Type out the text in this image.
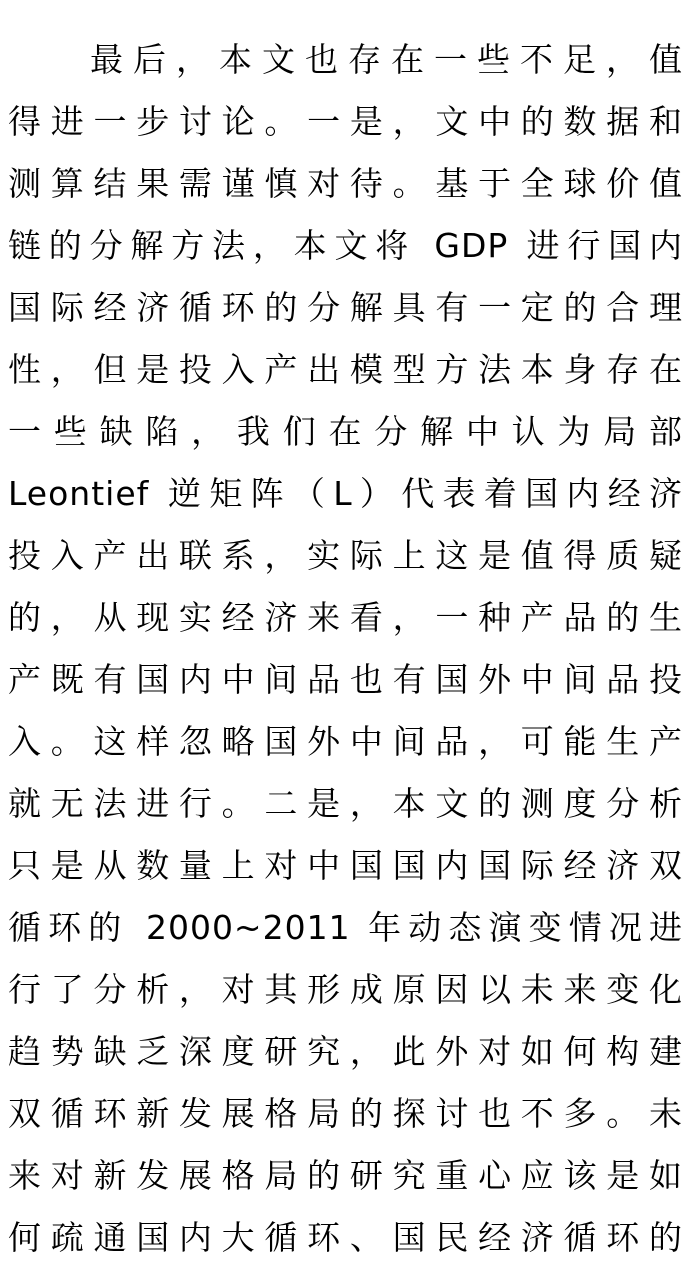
最后，本文也存在一些不足，值
得进一步讨论。一是，文中的数据和
测算结果需谨慎对待。基于全球价值
链的分解方法，本文将 GDP 进行国内
国际经济循环的分解具有一定的合理
性，但是投入产出模型方法本身存在
一些缺陷，我们在分解中认为局部
Leontief 逆矩阵（L）代表着国内经济
投入产出联系，实际上这是值得质疑
的，从现实经济来看，一种产品的生
产既有国内中间品也有国外中间品投
入。这样忽略国外中间品，可能生产
就无法进行。二是，本文的测度分析
只是从数量上对中国国内国际经济双
循环的 2000~2011 年动态演变情况进
行了分析，对其形成原因以未来变化
趋势缺乏深度研究，此外对如何构建
双循环新发展格局的探讨也不多。未
来对新发展格局的研究重心应该是如
何疏通国内大循环、国民经济循环的
